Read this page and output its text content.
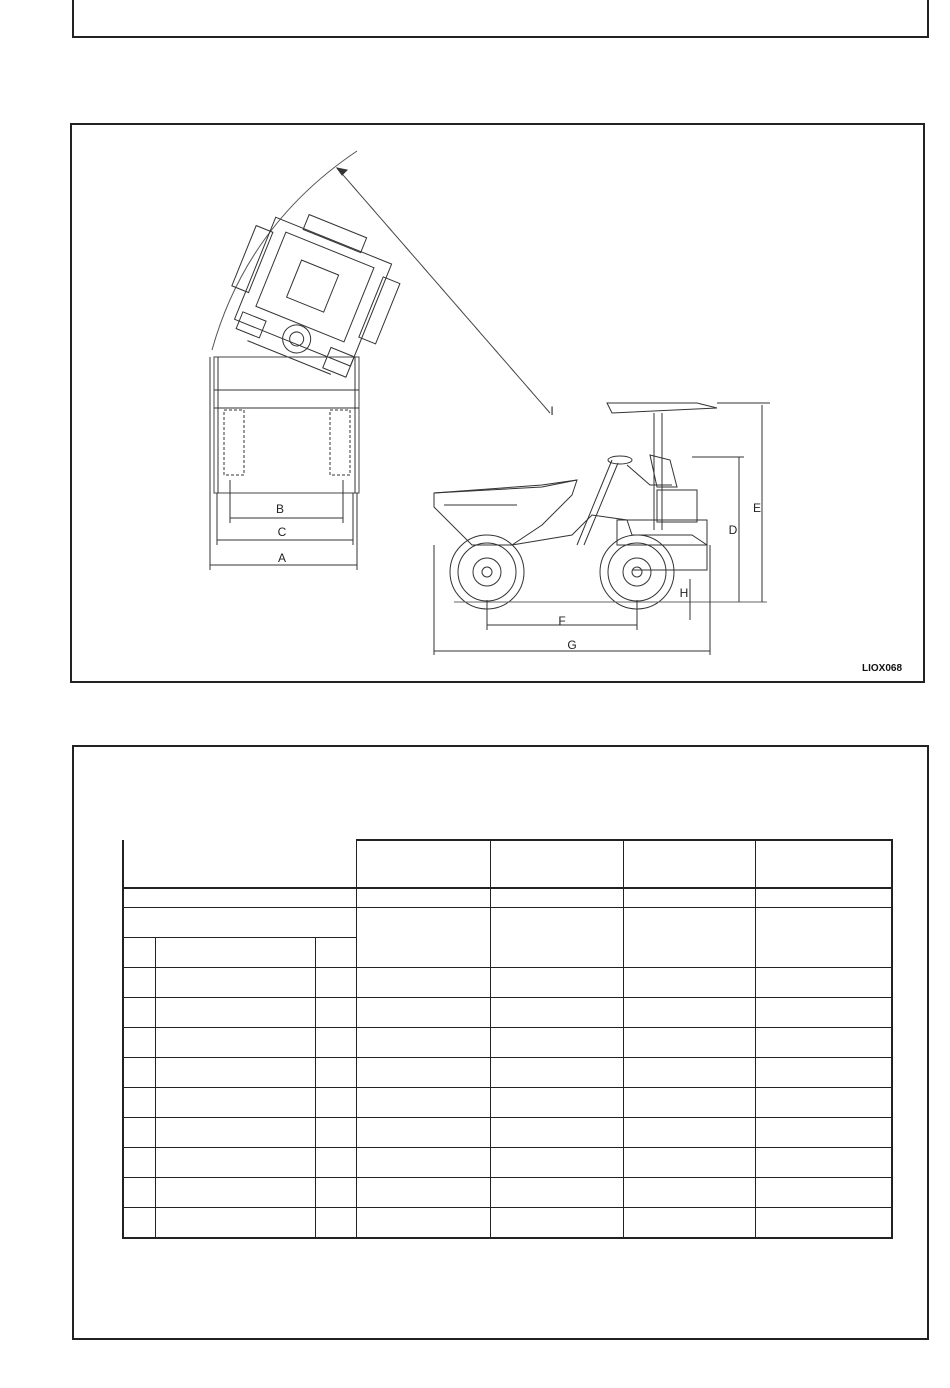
B
C
A
I
E
D
H
F
G
LIOX068
